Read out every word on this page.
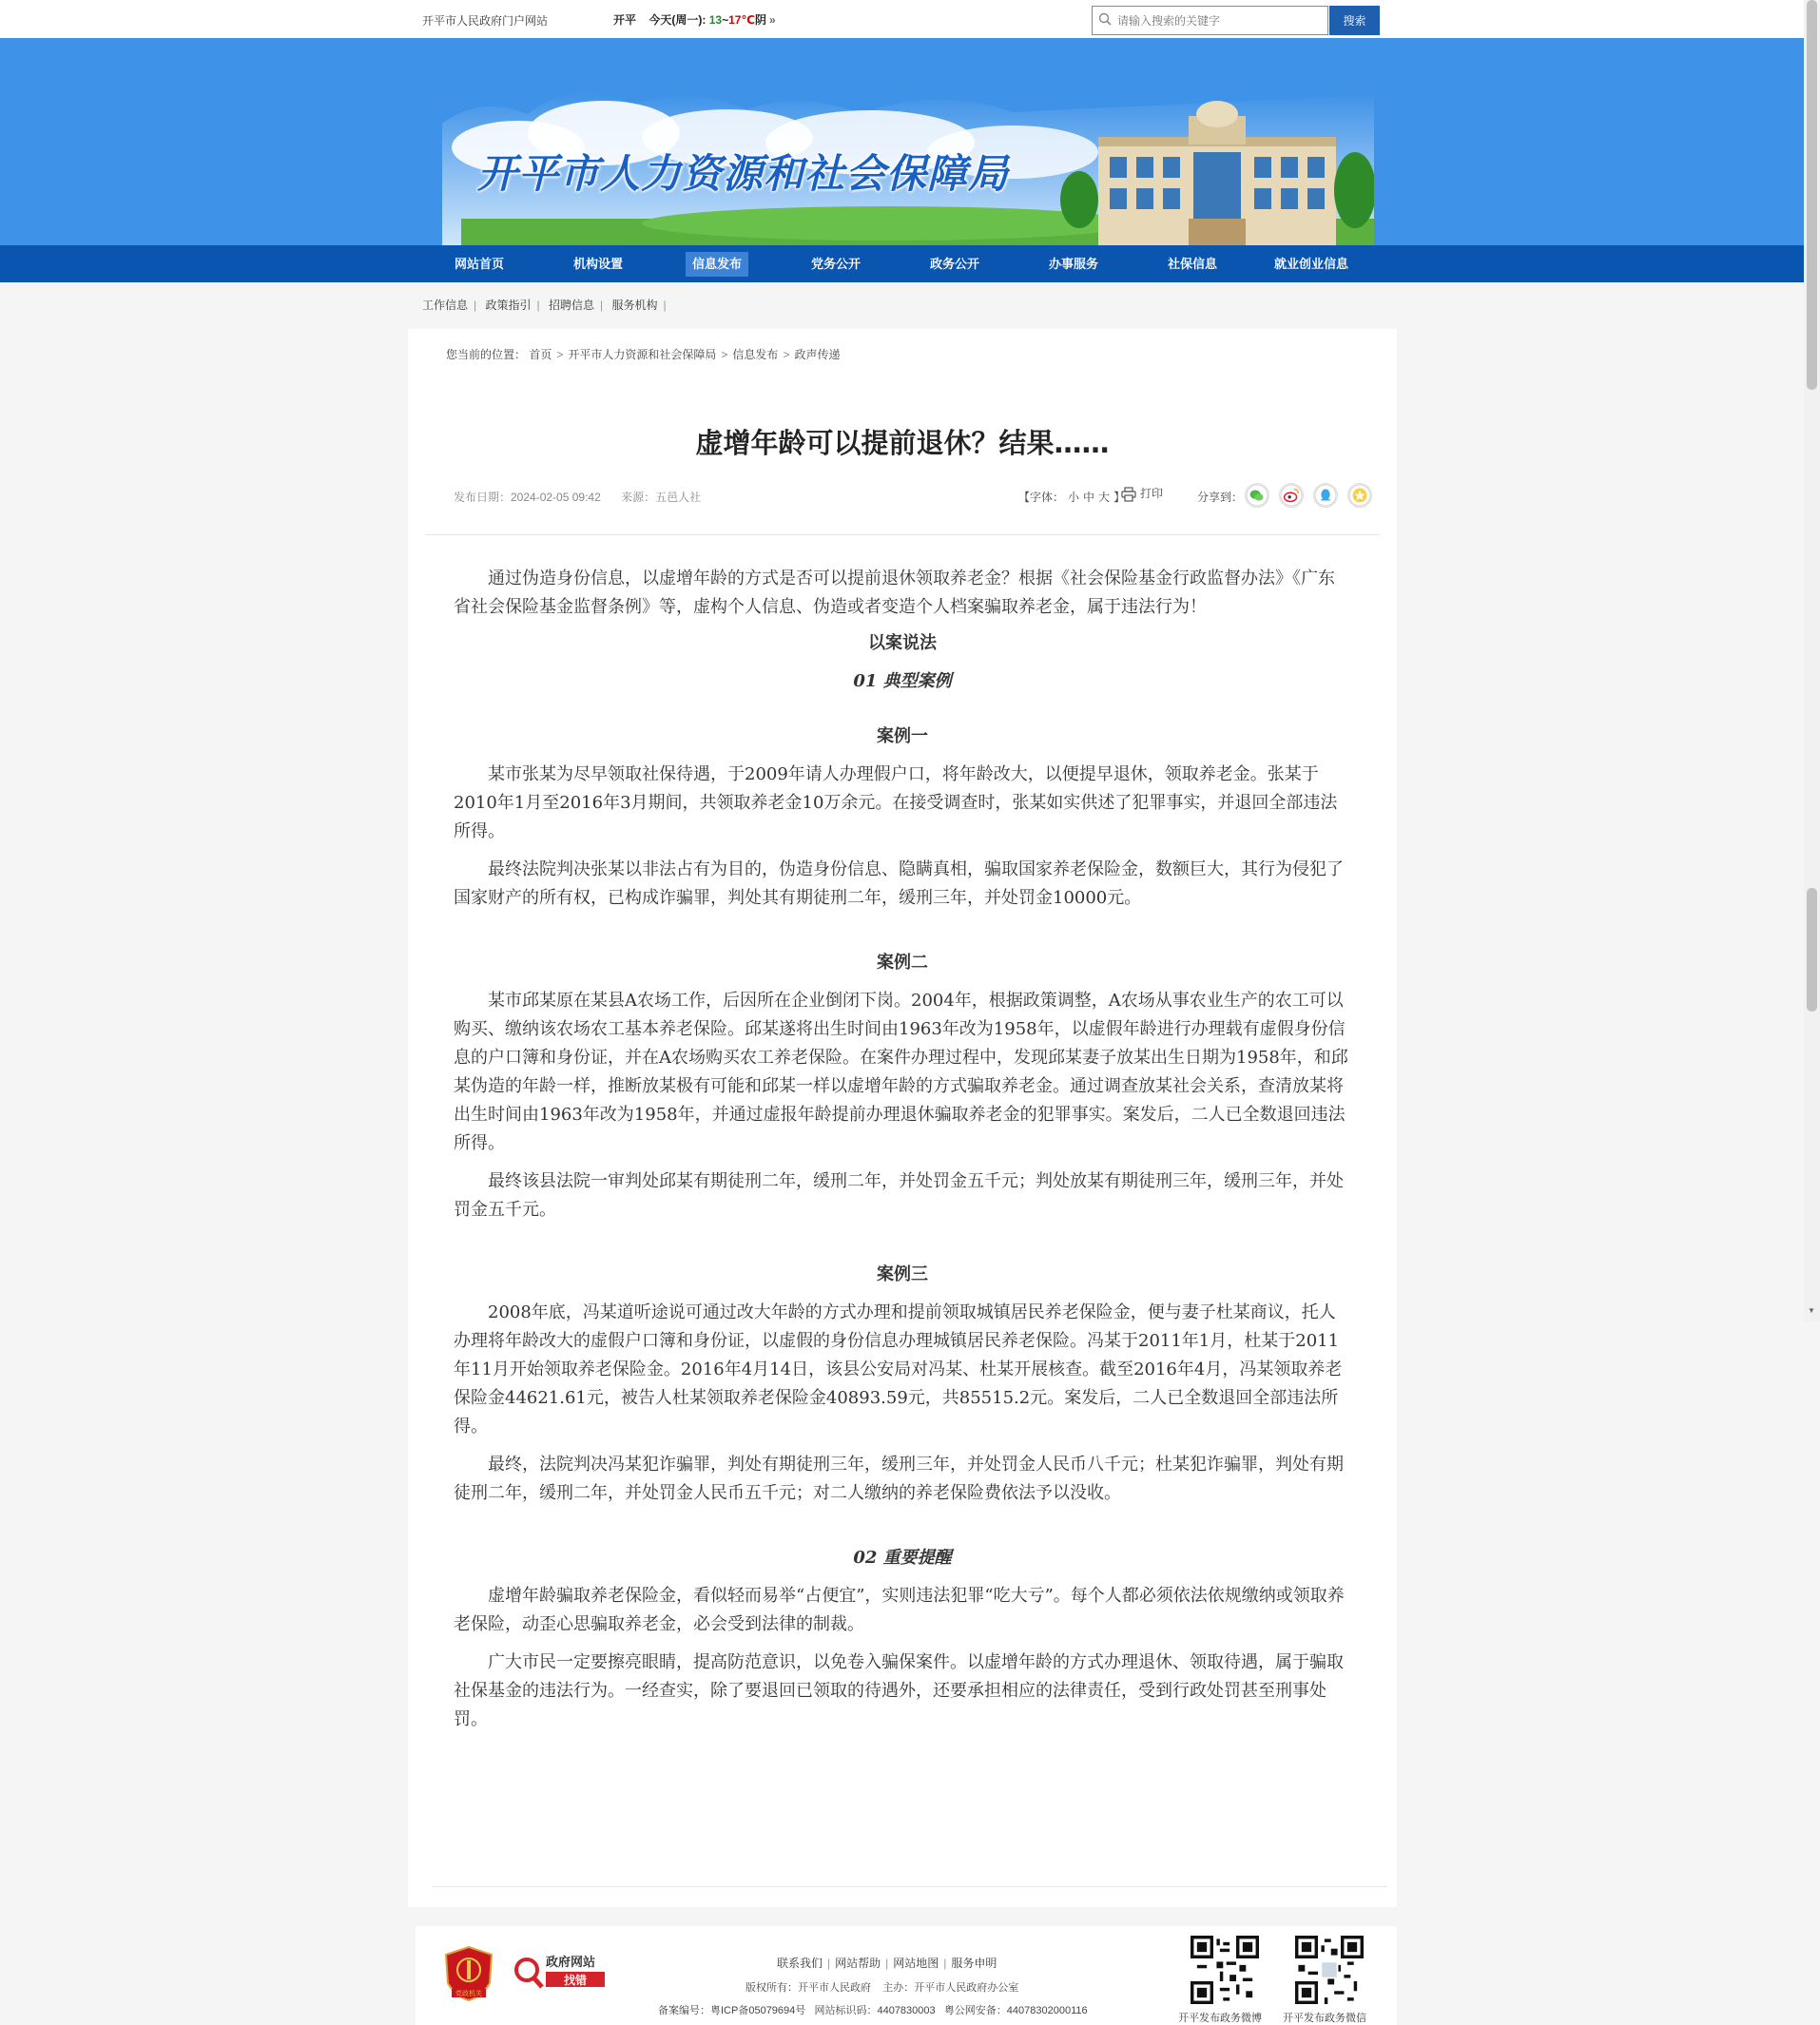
开平市人民政府门户网站	开平 今天(周一): 13~17℃阴 »
请输入搜索的关键字	搜索
开平市人力资源和社会保障局
网站首页	机构设置	信息发布	党务公开	政务公开	办事服务	社保信息	就业创业信息
工作信息 | 政策指引 | 招聘信息 | 服务机构 |
您当前的位置： 首页 > 开平市人力资源和社会保障局 > 信息发布 > 政声传递
虚增年龄可以提前退休？结果……
发布日期：2024-02-05 09:42 来源：五邑人社	【字体： 小 中 大 】	打印	分享到：

通过伪造身份信息，以虚增年龄的方式是否可以提前退休领取养老金？根据《社会保险基金行政监督办法》《广东省社会保险基金监督条例》等，虚构个人信息、伪造或者变造个人档案骗取养老金，属于违法行为！

以案说法

01 典型案例

案例一

某市张某为尽早领取社保待遇，于2009年请人办理假户口，将年龄改大，以便提早退休，领取养老金。张某于2010年1月至2016年3月期间，共领取养老金10万余元。在接受调查时，张某如实供述了犯罪事实，并退回全部违法所得。

最终法院判决张某以非法占有为目的，伪造身份信息、隐瞒真相，骗取国家养老保险金，数额巨大，其行为侵犯了国家财产的所有权，已构成诈骗罪，判处其有期徒刑二年，缓刑三年，并处罚金10000元。

案例二

某市邱某原在某县A农场工作，后因所在企业倒闭下岗。2004年，根据政策调整，A农场从事农业生产的农工可以购买、缴纳该农场农工基本养老保险。邱某遂将出生时间由1963年改为1958年，以虚假年龄进行办理载有虚假身份信息的户口簿和身份证，并在A农场购买农工养老保险。在案件办理过程中，发现邱某妻子放某出生日期为1958年，和邱某伪造的年龄一样，推断放某极有可能和邱某一样以虚增年龄的方式骗取养老金。通过调查放某社会关系，查清放某将出生时间由1963年改为1958年，并通过虚报年龄提前办理退休骗取养老金的犯罪事实。案发后，二人已全数退回违法所得。

最终该县法院一审判处邱某有期徒刑二年，缓刑二年，并处罚金五千元；判处放某有期徒刑三年，缓刑三年，并处罚金五千元。

案例三

2008年底，冯某道听途说可通过改大年龄的方式办理和提前领取城镇居民养老保险金，便与妻子杜某商议，托人办理将年龄改大的虚假户口簿和身份证，以虚假的身份信息办理城镇居民养老保险。冯某于2011年1月，杜某于2011年11月开始领取养老保险金。2016年4月14日，该县公安局对冯某、杜某开展核查。截至2016年4月，冯某领取养老保险金44621.61元，被告人杜某领取养老保险金40893.59元，共85515.2元。案发后，二人已全数退回全部违法所得。

最终，法院判决冯某犯诈骗罪，判处有期徒刑三年，缓刑三年，并处罚金人民币八千元；杜某犯诈骗罪，判处有期徒刑二年，缓刑二年，并处罚金人民币五千元；对二人缴纳的养老保险费依法予以没收。

02 重要提醒

虚增年龄骗取养老保险金，看似轻而易举“占便宜”，实则违法犯罪“吃大亏”。每个人都必须依法依规缴纳或领取养老保险，动歪心思骗取养老金，必会受到法律的制裁。

广大市民一定要擦亮眼睛，提高防范意识，以免卷入骗保案件。以虚增年龄的方式办理退休、领取待遇，属于骗取社保基金的违法行为。一经查实，除了要退回已领取的待遇外，还要承担相应的法律责任，受到行政处罚甚至刑事处罚。

党政机关
政府网站
找错
联系我们 | 网站帮助 | 网站地图 | 服务申明
版权所有：开平市人民政府 主办：开平市人民政府办公室
备案编号：粤ICP备05079694号 网站标识码：4407830003 粤公网安备：44078302000116
开平发布政务微博 开平发布政务微信
▼
